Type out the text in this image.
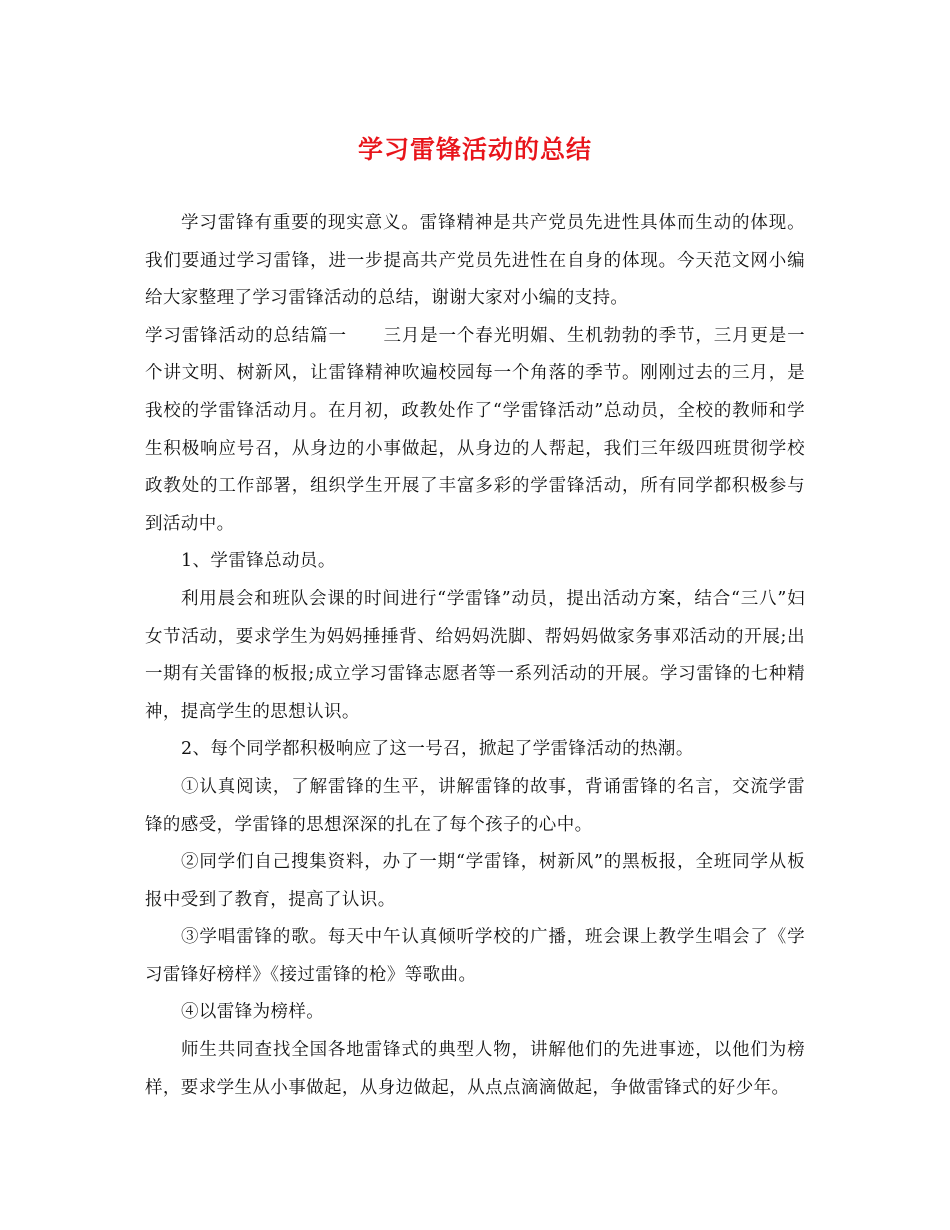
学习雷锋活动的总结

学习雷锋有重要的现实意义。雷锋精神是共产党员先进性具体而生动的体现。我们要通过学习雷锋，进一步提高共产党员先进性在自身的体现。今天范文网小编给大家整理了学习雷锋活动的总结，谢谢大家对小编的支持。

学习雷锋活动的总结篇一　　三月是一个春光明媚、生机勃勃的季节，三月更是一个讲文明、树新风，让雷锋精神吹遍校园每一个角落的季节。刚刚过去的三月，是我校的学雷锋活动月。在月初，政教处作了“学雷锋活动”总动员，全校的教师和学生积极响应号召，从身边的小事做起，从身边的人帮起，我们三年级四班贯彻学校政教处的工作部署，组织学生开展了丰富多彩的学雷锋活动，所有同学都积极参与到活动中。

1、学雷锋总动员。

利用晨会和班队会课的时间进行“学雷锋”动员，提出活动方案，结合“三八”妇女节活动，要求学生为妈妈捶捶背、给妈妈洗脚、帮妈妈做家务事邓活动的开展;出一期有关雷锋的板报;成立学习雷锋志愿者等一系列活动的开展。学习雷锋的七种精神，提高学生的思想认识。

2、每个同学都积极响应了这一号召，掀起了学雷锋活动的热潮。

①认真阅读，了解雷锋的生平，讲解雷锋的故事，背诵雷锋的名言，交流学雷锋的感受，学雷锋的思想深深的扎在了每个孩子的心中。

②同学们自己搜集资料，办了一期“学雷锋，树新风”的黑板报，全班同学从板报中受到了教育，提高了认识。

③学唱雷锋的歌。每天中午认真倾听学校的广播，班会课上教学生唱会了《学习雷锋好榜样》《接过雷锋的枪》等歌曲。

④以雷锋为榜样。

师生共同查找全国各地雷锋式的典型人物，讲解他们的先进事迹，以他们为榜样，要求学生从小事做起，从身边做起，从点点滴滴做起，争做雷锋式的好少年。
